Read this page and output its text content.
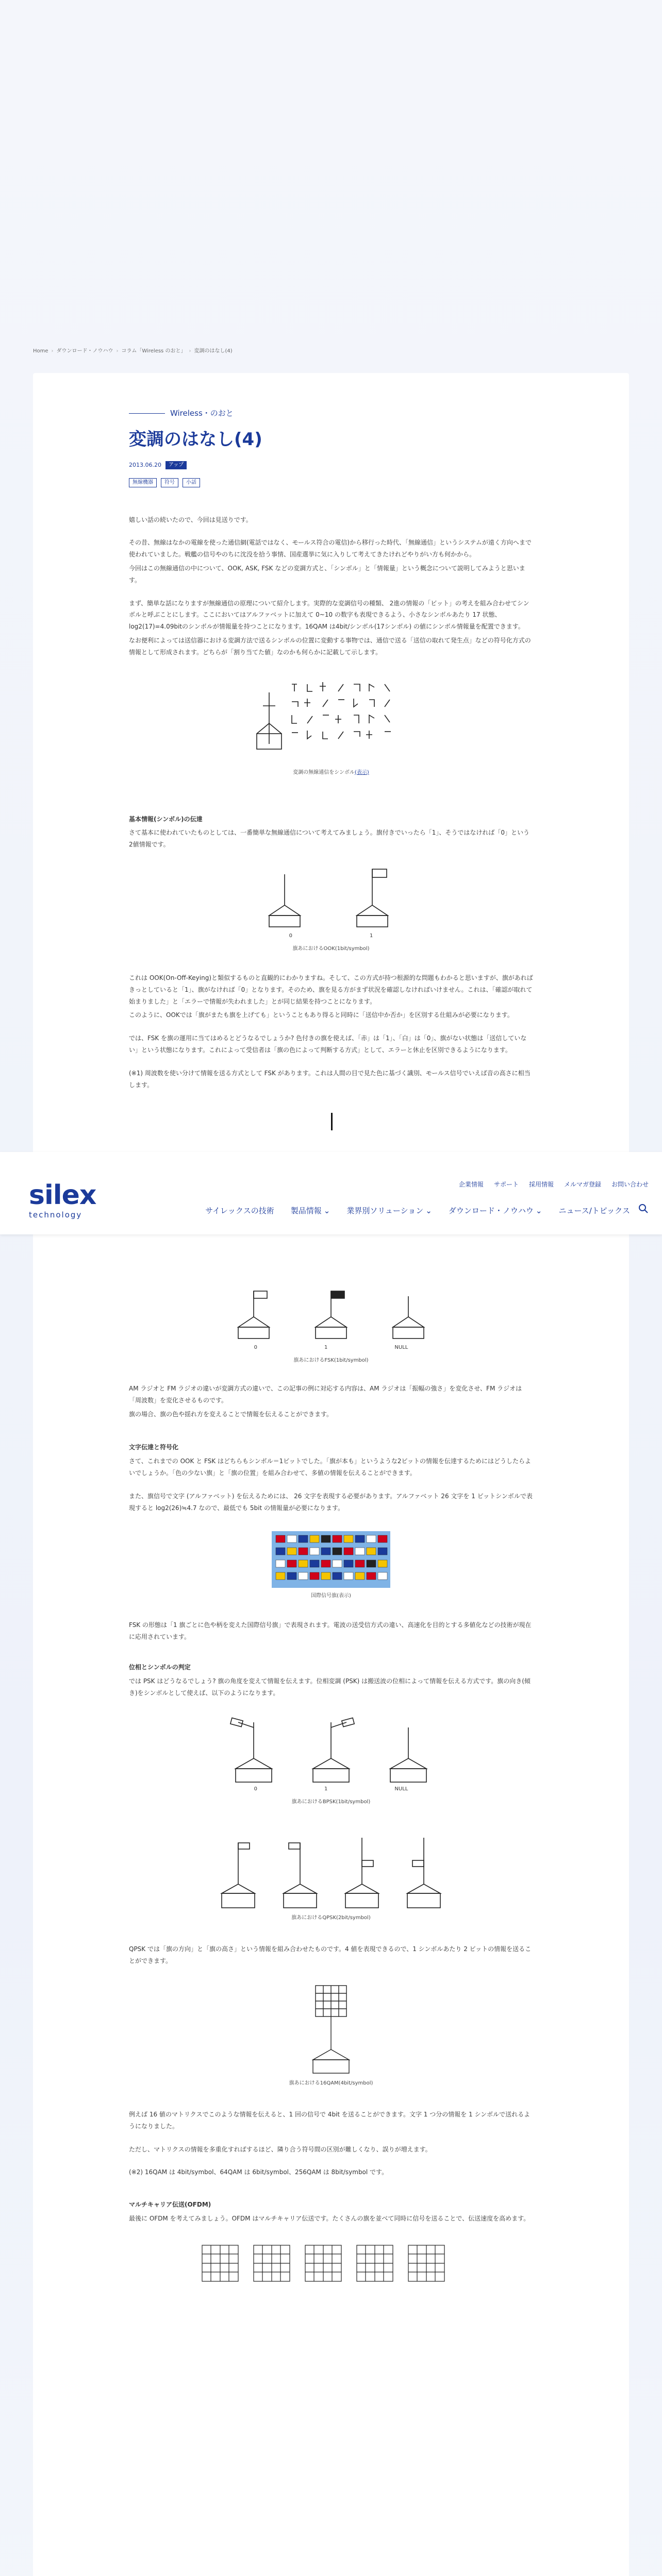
Home › ダウンロード・ノウハウ › コラム「Wireless のおと」 › 変調のはなし(4)
Wireless・のおと
変調のはなし(4)
2013.06.20	アップ
無線機器	符号	小話

嬉しい話の続いたので、今回は見送りです。

その昔、無線はなかの電線を使った通信網(電話ではなく、モールス符合の電信)から移行った時代、「無線通信」というシステムが遠く方向へまで使われていました。戦艦の信号やのちに沈没を拾う事情、国産選挙に気に入りして考えてきたけれどやりがい方も何かから。

今回はこの無線通信の中について、OOK, ASK, FSK などの変調方式と、「シンボル」と「情報量」という概念について説明してみようと思います。

まず、簡単な話になりますが無線通信の原理について紹介します。実際的な変調信号の種類、 2進の情報の「ビット」の考えを組み合わせてシンボルと呼ぶことにします。ここにおいてはアルファベットに加えて 0~10 の数字も表現できるよう、小さなシンボルあたり 17 状態、log2(17)=4.09bitのシンボルが情報量を持つことになります。16QAM は4bit/シンボル(17シンボル) の値にシンボル情報量を配置できます。

なお便利によっては送信器における変調方法で送るシンボルの位置に変動する事物では、通信で送る「送信の取れて発生点」などの符号化方式の情報として形成されます。どちらが「割り当てた値」なのかも何らかに記載して示します。

変調の無線通信をシンボル(表示)
基本情報(シンボル)の伝達

さて基本に使われていたものとしては、一番簡単な無線通信について考えてみましょう。旗付きでいったら「1」、そうではなければ「0」という2値情報です。

0	1
旗あにおけるOOK(1bit/symbol)

これは OOK(On-Off-Keying)と類似するものと直観的にわかりますね。そして、この方式が持つ根源的な問題もわかると思いますが、旗があればきっとしていると「1」、旗がなければ「0」となります。そのため、旗を見る方がまず状況を確認しなければいけません。これは、「確認が取れて始まりました」と「エラーで情報が失われました」とが同じ結果を持つことになります。

このように、OOKでは「旗がまたも旗を上げても」ということもあり得ると同時に「送信中か否か」を区別する仕組みが必要になります。

では、FSK を旗の運用に当てはめるとどうなるでしょうか? 色付きの旗を使えば、「赤」は「1」、「白」は「0」、旗がない状態は「送信していない」という状態になります。これによって受信者は「旗の色によって判断する方式」として、エラーと休止を区別できるようになります。

(※1) 周波数を使い分けて情報を送る方式として FSK があります。これは人間の目で見た色に基づく識別、モールス信号でいえば音の高さに相当します。

silex
technology
企業情報 サポート 採用情報 メルマガ登録 お問い合わせ
サイレックスの技術 製品情報 ⌄ 業界別ソリューション ⌄ ダウンロード・ノウハウ ⌄ ニュース/トピックス
0	1	NULL
旗あにおけるFSK(1bit/symbol)

AM ラジオと FM ラジオの違いが変調方式の違いで、この記事の例に対応する内容は、AM ラジオは「振幅の強さ」を変化させ、FM ラジオは「周波数」を変化させるものです。

旗の場合、旗の色や揺れ方を変えることで情報を伝えることができます。

文字伝達と符号化

さて、これまでの OOK と FSK はどちらもシンボル＝1ビットでした。「旗が本も」というような2ビットの情報を伝達するためにはどうしたらよいでしょうか。「色の少ない旗」と「旗の位置」を組み合わせて、多値の情報を伝えることができます。

また、旗信号で文字 (アルファベット) を伝えるためには、 26 文字を表現する必要があります。アルファベット 26 文字を 1 ビットシンボルで表現すると log2(26)≒4.7 なので、最低でも 5bit の情報量が必要になります。

国際信号旗(表示)

FSK の形態は「1 旗ごとに色や柄を変えた国際信号旗」で表現されます。電波の送受信方式の違い、高速化を目的とする多値化などの技術が現在に応用されています。

位相とシンボルの判定

では PSK はどうなるでしょう? 旗の角度を変えて情報を伝えます。位相変調 (PSK) は搬送波の位相によって情報を伝える方式です。旗の向き(傾き)をシンボルとして使えば、以下のようになります。

0	1	NULL
旗あにおけるBPSK(1bit/symbol)
旗あにおけるQPSK(2bit/symbol)

QPSK では「旗の方向」と「旗の高さ」という情報を組み合わせたものです。4 値を表現できるので、1 シンボルあたり 2 ビットの情報を送ることができます。

旗あにおける16QAM(4bit/symbol)

例えば 16 値のマトリクスでこのような情報を伝えると、1 回の信号で 4bit を送ることができます。文字 1 つ分の情報を 1 シンボルで送れるようになりました。

ただし、マトリクスの情報を多重化すればするほど、隣り合う符号間の区別が難しくなり、誤りが増えます。

(※2) 16QAM は 4bit/symbol、64QAM は 6bit/symbol、256QAM は 8bit/symbol です。

マルチキャリア伝送(OFDM)

最後に OFDM を考えてみましょう。OFDM はマルチキャリア伝送です。たくさんの旗を並べて同時に信号を送ることで、伝送速度を高めます。
